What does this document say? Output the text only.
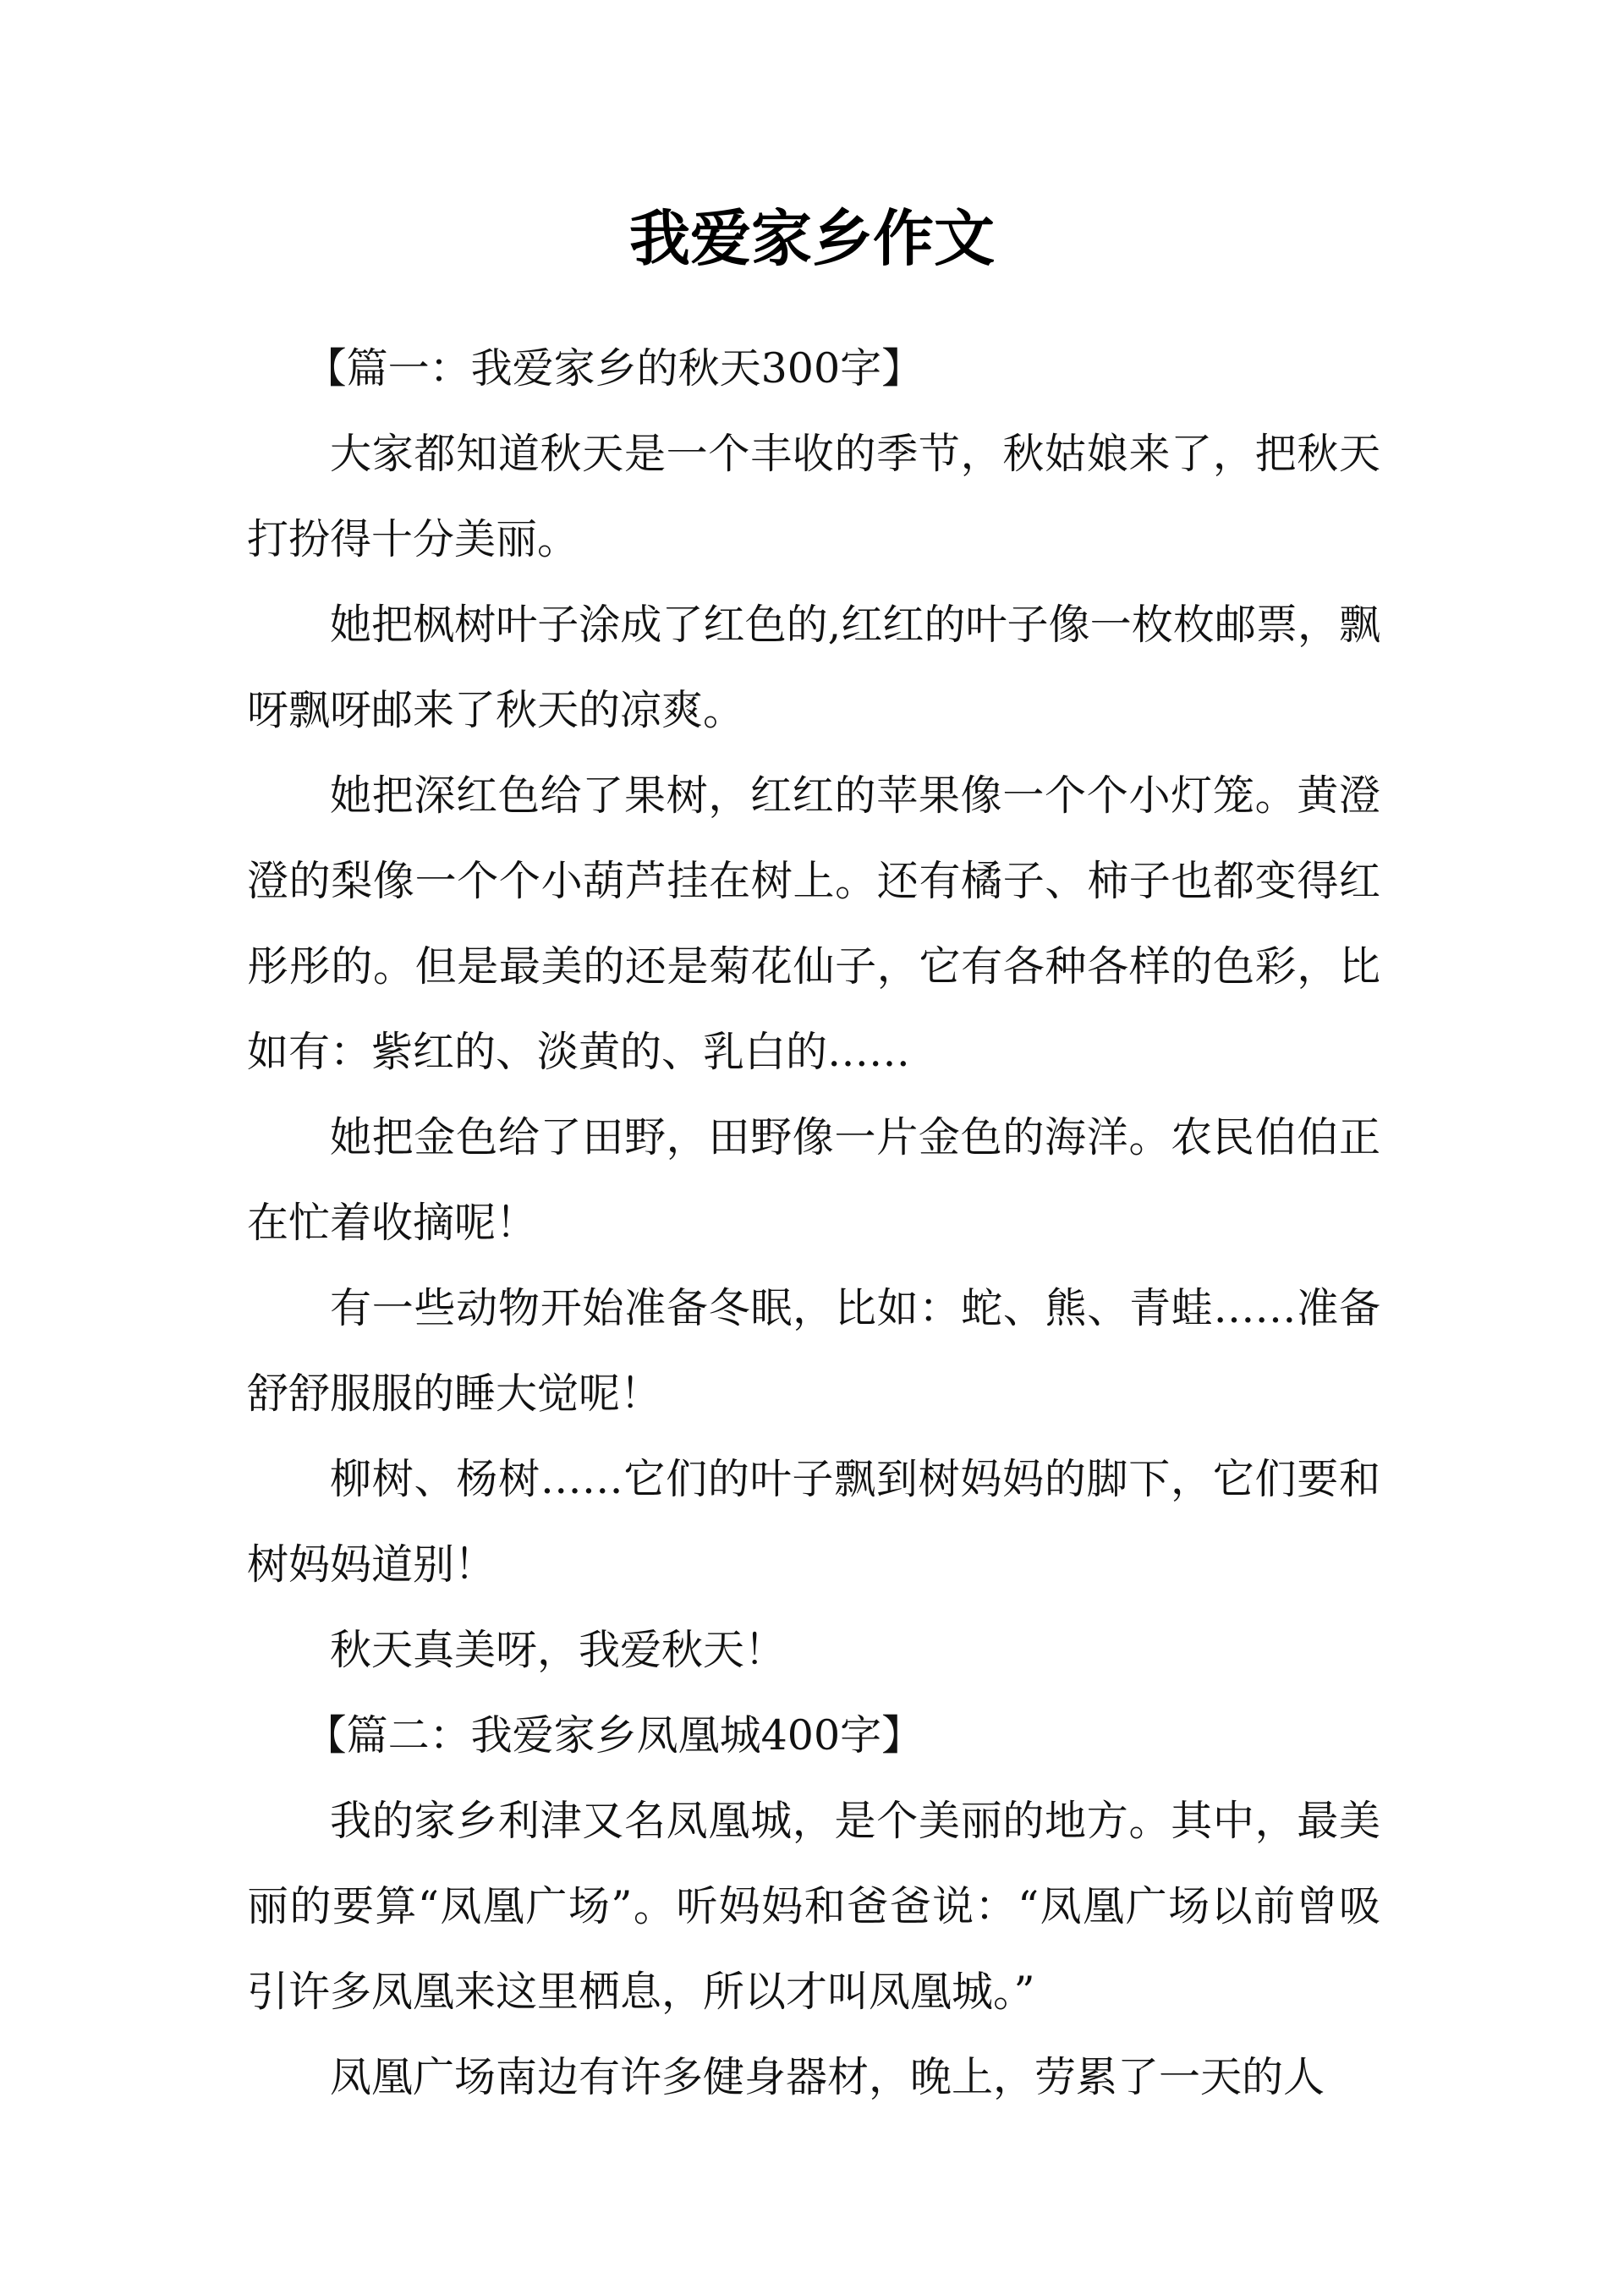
我爱家乡作文

【篇一：我爱家乡的秋天300字】

大家都知道秋天是一个丰收的季节，秋姑娘来了，把秋天打扮得十分美丽。

她把枫树叶子涂成了红色的,红红的叶子像一枚枚邮票，飘呀飘呀邮来了秋天的凉爽。

她把深红色给了果树，红红的苹果像一个个小灯笼。黄澄澄的梨像一个个小葫芦挂在树上。还有橘子、柿子也都变得红彤彤的。但是最美的还是菊花仙子，它有各种各样的色彩，比如有：紫红的、淡黄的、乳白的……

她把金色给了田野，田野像一片金色的海洋。农民伯伯正在忙着收摘呢！

有一些动物开始准备冬眠，比如：蛇、熊、青蛙……准备舒舒服服的睡大觉呢！

柳树、杨树……它们的叶子飘到树妈妈的脚下，它们要和树妈妈道别！

秋天真美呀，我爱秋天！

【篇二：我爱家乡凤凰城400字】

我的家乡利津又名凤凰城，是个美丽的地方。其中，最美丽的要算“凤凰广场”。听妈妈和爸爸说：“凤凰广场以前曾吸引许多凤凰来这里栖息，所以才叫凤凰城。”

凤凰广场南边有许多健身器材，晚上，劳累了一天的人
